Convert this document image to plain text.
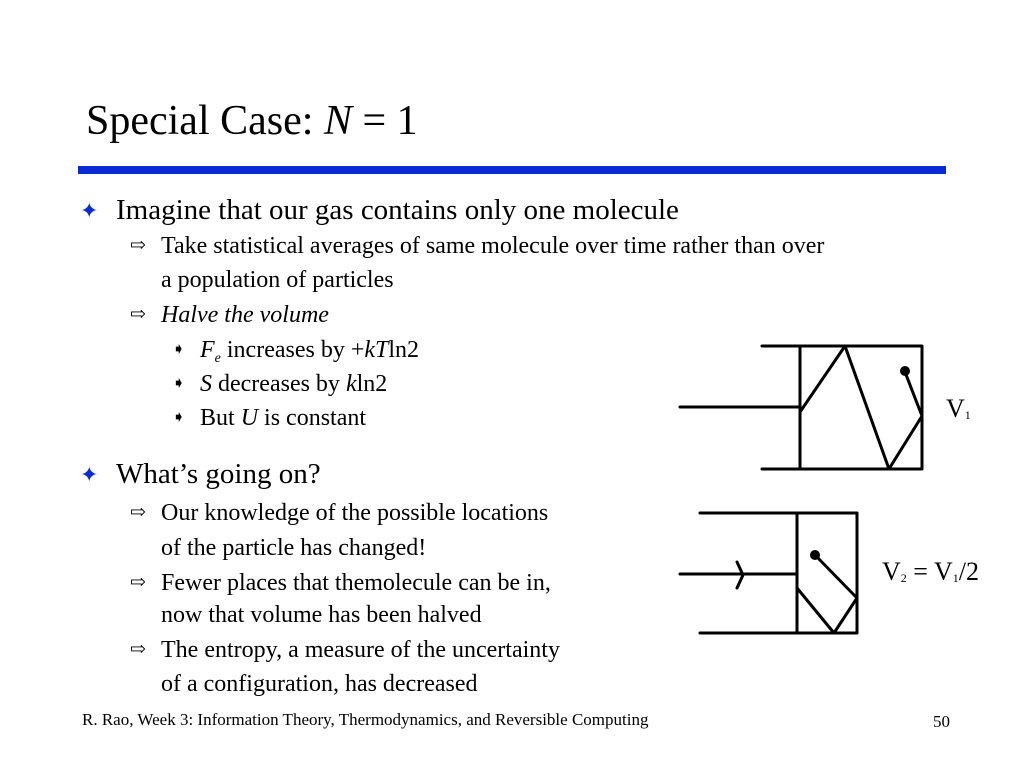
Special Case: N = 1
✦ Imagine that our gas contains only one molecule
⇨ Take statistical averages of same molecule over time rather than over
a population of particles
⇨ Halve the volume
➧ $F_e$ increases by +kTln2
➧ S decreases by kln2
➧ But U is constant
✦ What’s going on?
⇨ Our knowledge of the possible locations
of the particle has changed!
⇨ Fewer places that themolecule can be in,
now that volume has been halved
⇨ The entropy, a measure of the uncertainty
of a configuration, has decreased
$V_1$
$V_2 = V_1/2$
R. Rao, Week 3: Information Theory, Thermodynamics, and Reversible Computing	50
